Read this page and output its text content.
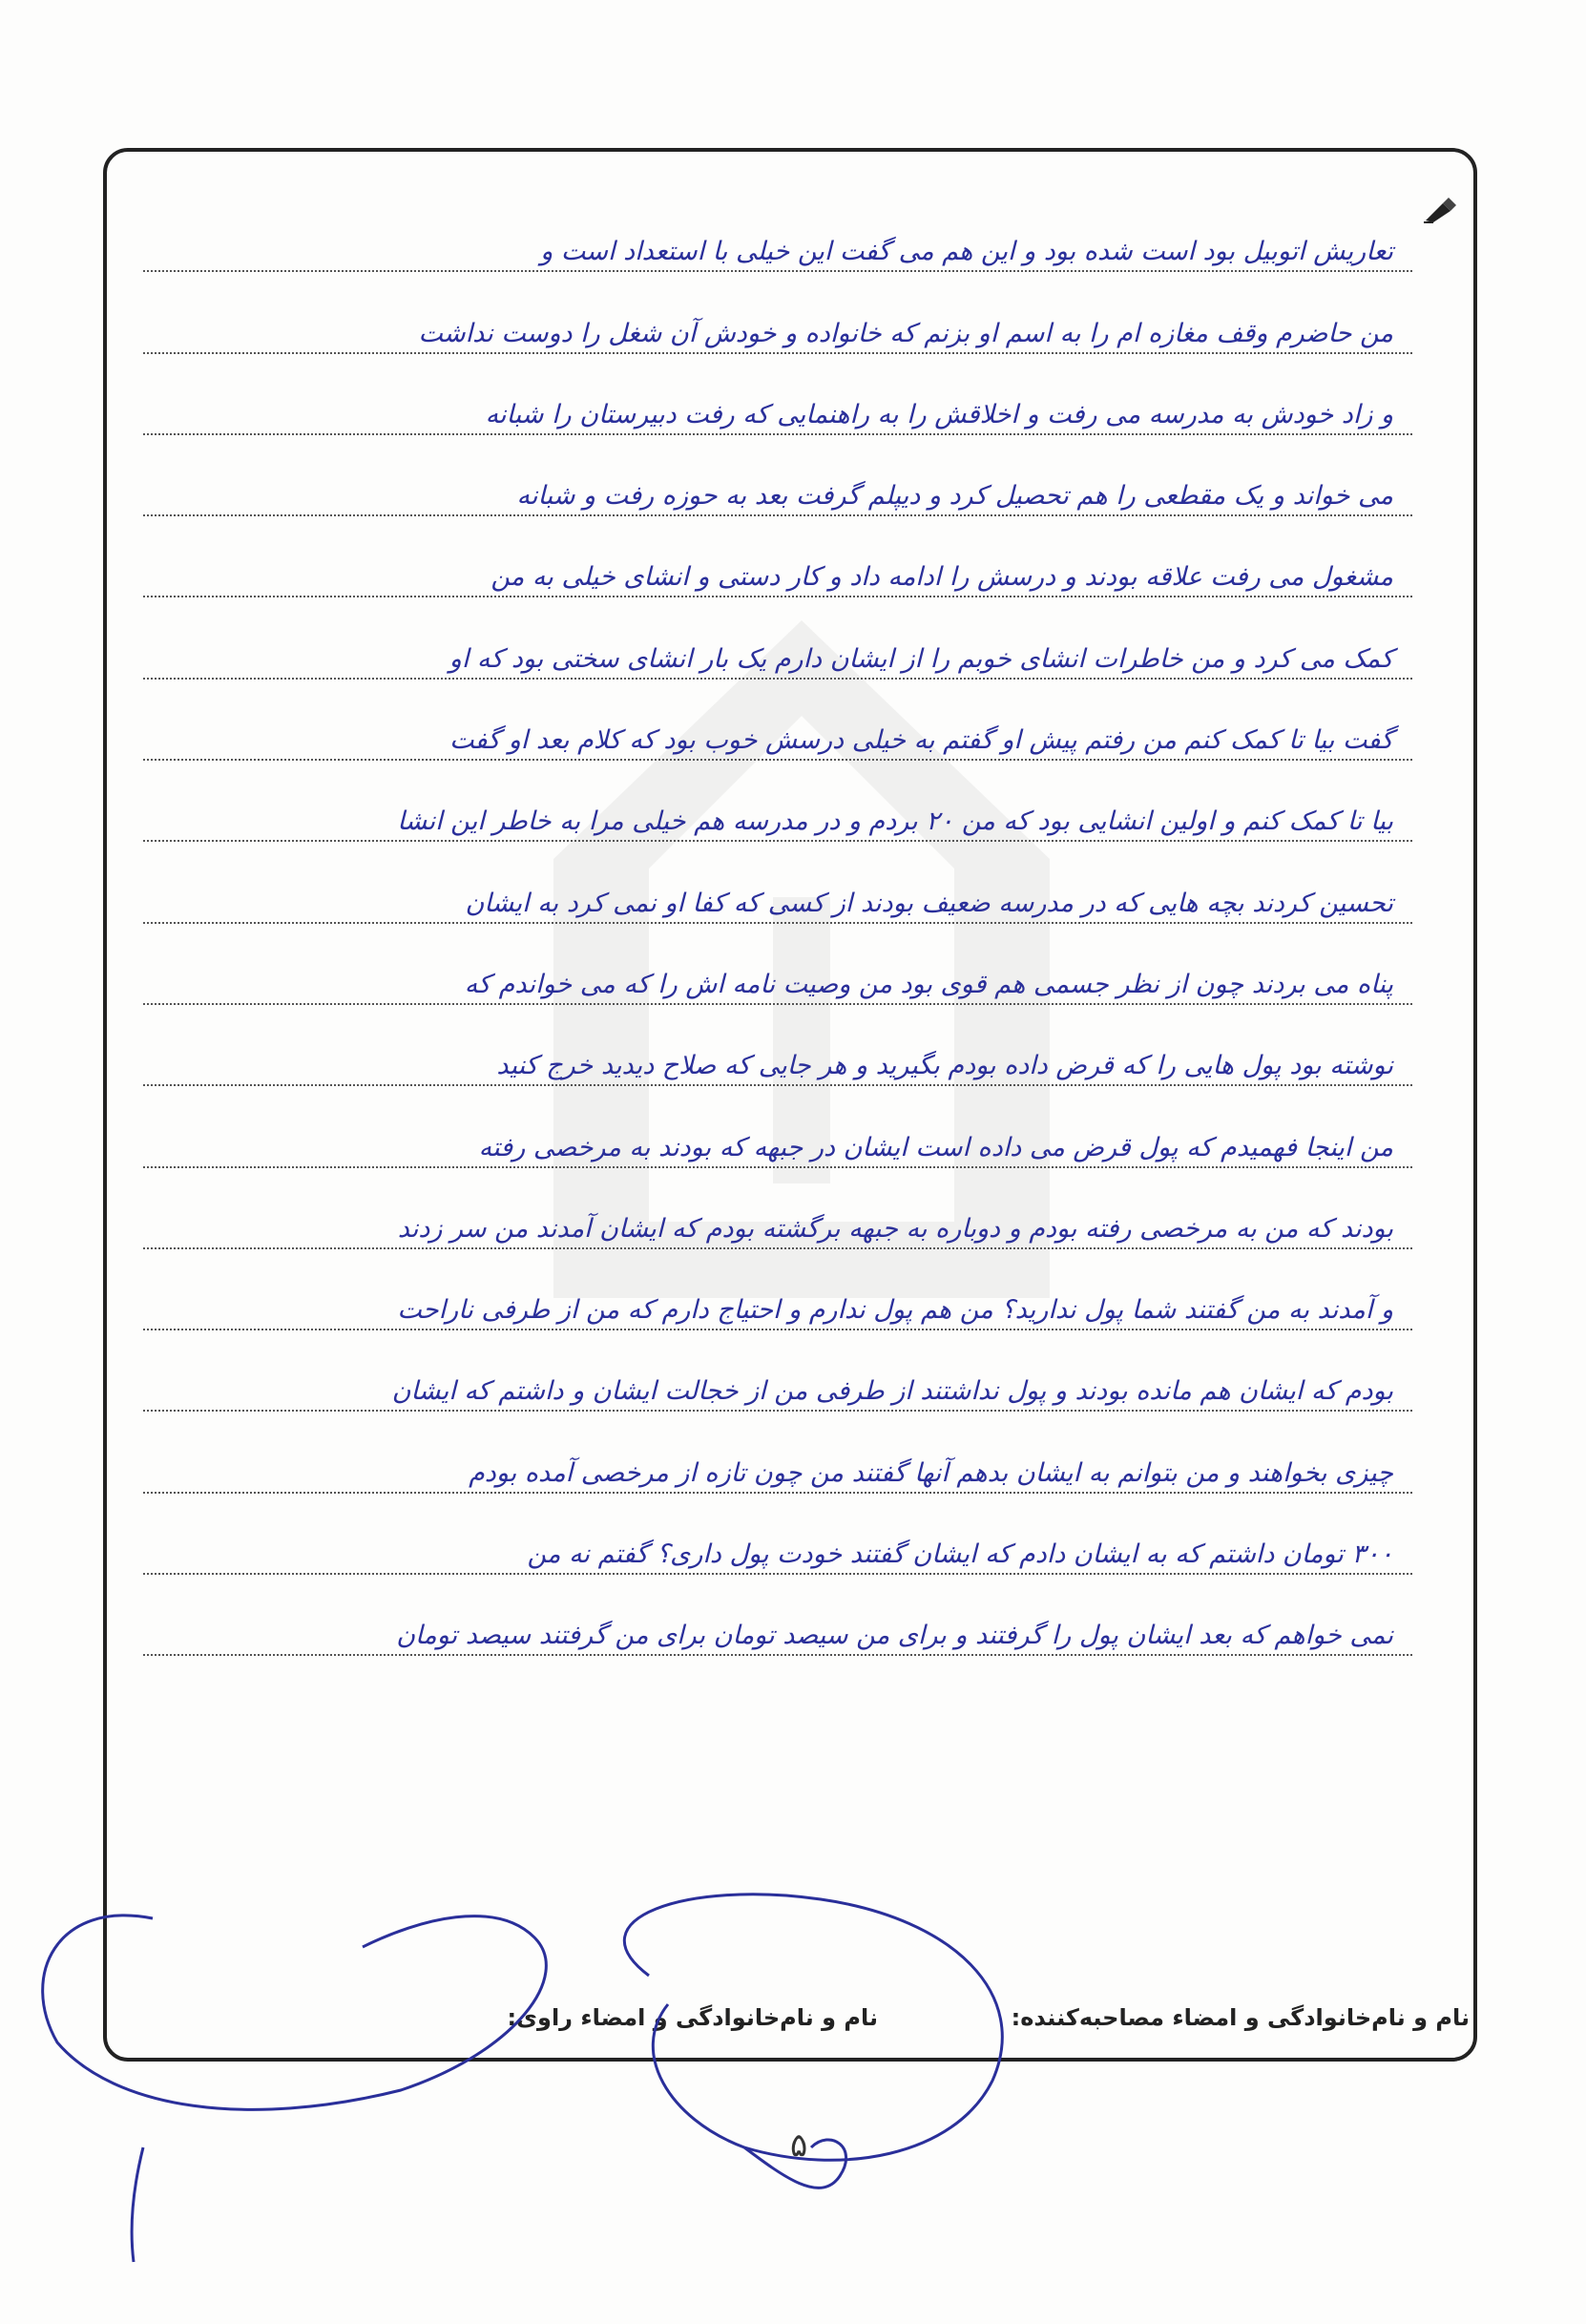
تعاریش اتوبیل بود است شده بود و این هم می گفت این خیلی با استعداد است و
من حاضرم وقف مغازه ام را به اسم او بزنم که خانواده و خودش آن شغل را دوست نداشت
و زاد خودش به مدرسه می رفت و اخلاقش را به راهنمایی که رفت دبیرستان را شبانه
می خواند و یک مقطعی را هم تحصیل کرد و دیپلم گرفت بعد به حوزه رفت و شبانه
مشغول می رفت علاقه بودند و درسش را ادامه داد و کار دستی و انشای خیلی به من
کمک می کرد و من خاطرات انشای خوبم را از ایشان دارم یک بار انشای سختی بود که او
گفت بیا تا کمک کنم من رفتم پیش او گفتم به خیلی درسش خوب بود که کلام بعد او گفت
بیا تا کمک کنم و اولین انشایی بود که من ۲۰ بردم و در مدرسه هم خیلی مرا به خاطر این انشا
تحسین کردند بچه هایی که در مدرسه ضعیف بودند از کسی که کفا او نمی کرد به ایشان
پناه می بردند چون از نظر جسمی هم قوی بود من وصیت نامه اش را که می خواندم که
نوشته بود پول هایی را که قرض داده بودم بگیرید و هر جایی که صلاح دیدید خرج کنید
من اینجا فهمیدم که پول قرض می داده است ایشان در جبهه که بودند به مرخصی رفته
بودند که من به مرخصی رفته بودم و دوباره به جبهه برگشته بودم که ایشان آمدند من سر زدند
و آمدند به من گفتند شما پول ندارید؟ من هم پول ندارم و احتیاج دارم که من از طرفی ناراحت
بودم که ایشان هم مانده بودند و پول نداشتند از طرفی من از خجالت ایشان و داشتم که ایشان
چیزی بخواهند و من بتوانم به ایشان بدهم آنها گفتند من چون تازه از مرخصی آمده بودم
۳۰۰ تومان داشتم که به ایشان دادم که ایشان گفتند خودت پول داری؟ گفتم نه من
نمی خواهم که بعد ایشان پول را گرفتند و برای من سیصد تومان برای من گرفتند سیصد تومان
نام و نام‌خانوادگی و امضاء مصاحبه‌کننده:
نام و نام‌خانوادگی و امضاء راوی:
۵
